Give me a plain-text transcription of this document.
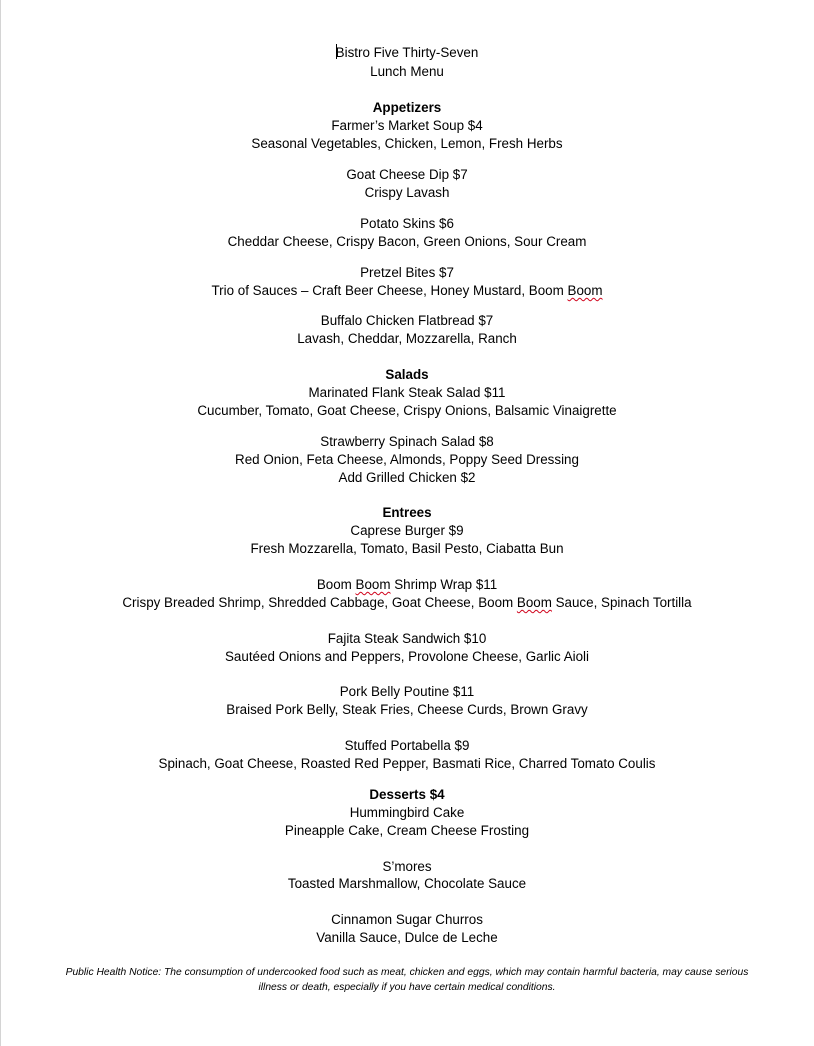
Bistro Five Thirty-Seven
Lunch Menu
Appetizers
Farmer’s Market Soup $4
Seasonal Vegetables, Chicken, Lemon, Fresh Herbs
Goat Cheese Dip $7
Crispy Lavash
Potato Skins $6
Cheddar Cheese, Crispy Bacon, Green Onions, Sour Cream
Pretzel Bites $7
Trio of Sauces – Craft Beer Cheese, Honey Mustard, Boom Boom
Buffalo Chicken Flatbread $7
Lavash, Cheddar, Mozzarella, Ranch
Salads
Marinated Flank Steak Salad $11
Cucumber, Tomato, Goat Cheese, Crispy Onions, Balsamic Vinaigrette
Strawberry Spinach Salad $8
Red Onion, Feta Cheese, Almonds, Poppy Seed Dressing
Add Grilled Chicken $2
Entrees
Caprese Burger $9
Fresh Mozzarella, Tomato, Basil Pesto, Ciabatta Bun
Boom Boom Shrimp Wrap $11
Crispy Breaded Shrimp, Shredded Cabbage, Goat Cheese, Boom Boom Sauce, Spinach Tortilla
Fajita Steak Sandwich $10
Sautéed Onions and Peppers, Provolone Cheese, Garlic Aioli
Pork Belly Poutine $11
Braised Pork Belly, Steak Fries, Cheese Curds, Brown Gravy
Stuffed Portabella $9
Spinach, Goat Cheese, Roasted Red Pepper, Basmati Rice, Charred Tomato Coulis
Desserts $4
Hummingbird Cake
Pineapple Cake, Cream Cheese Frosting
S’mores
Toasted Marshmallow, Chocolate Sauce
Cinnamon Sugar Churros
Vanilla Sauce, Dulce de Leche
Public Health Notice: The consumption of undercooked food such as meat, chicken and eggs, which may contain harmful bacteria, may cause serious illness or death, especially if you have certain medical conditions.
